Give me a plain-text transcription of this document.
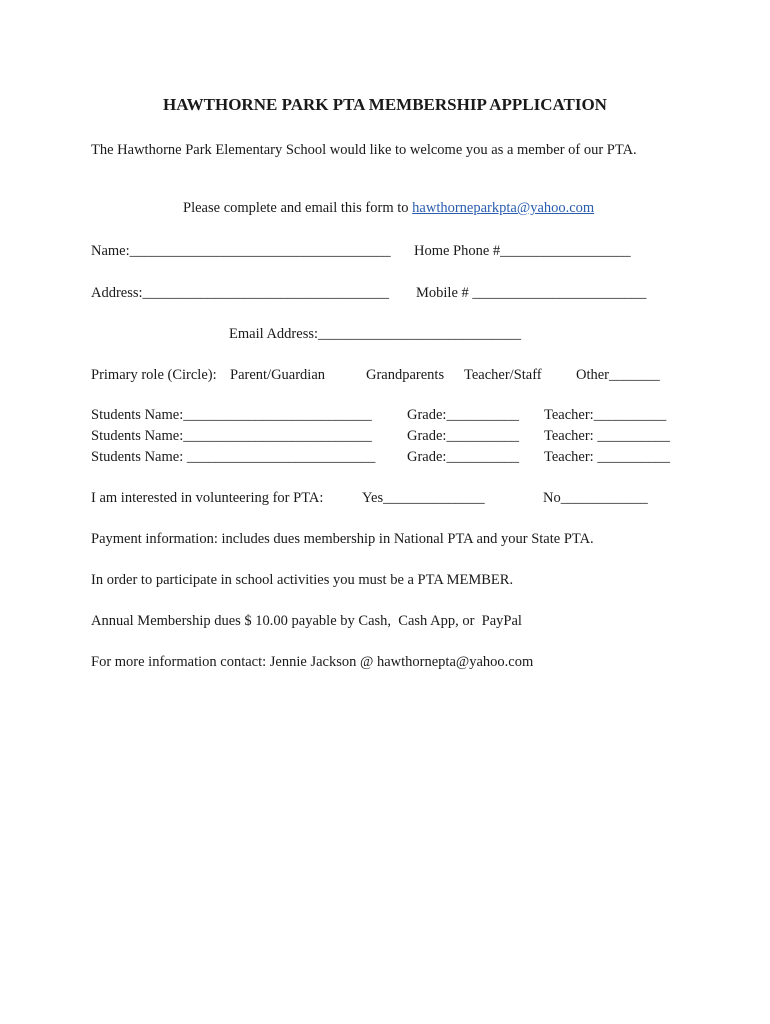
HAWTHORNE PARK PTA MEMBERSHIP APPLICATION
The Hawthorne Park Elementary School would like to welcome you as a member of our PTA.

Please complete and email this form to hawthorneparkpta@yahoo.com

Name:____________________________________ Home Phone #__________________
Address:__________________________________ Mobile # ________________________
Email Address:____________________________
Primary role (Circle): Parent/Guardian	Grandparents Teacher/Staff Other_______
Students Name:__________________________ Grade:__________ Teacher:__________
Students Name:__________________________ Grade:__________ Teacher: __________
Students Name: __________________________ Grade:__________ Teacher: __________
I am interested in volunteering for PTA:	Yes______________	No____________
Payment information: includes dues membership in National PTA and your State PTA.
In order to participate in school activities you must be a PTA MEMBER.
Annual Membership dues $ 10.00 payable by Cash,  Cash App, or  PayPal
For more information contact: Jennie Jackson @ hawthornepta@yahoo.com
